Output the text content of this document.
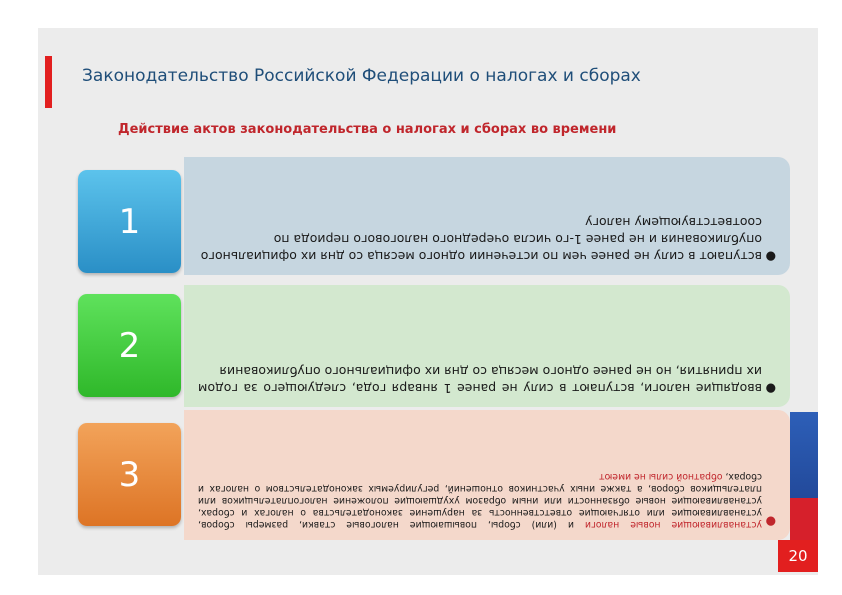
Законодательство Российской Федерации о налогах и сборах
Действие актов законодательства о налогах и сборах во времени
●
вступают в силу не ранее чем по истечении одного месяца со дня их официального опубликования и не ранее 1-го числа очередного налогового периода по соответствующему налогу
1
●
вводящие налоги, вступают в силу не ранее 1 января года, следующего за годом их принятия, но не ранее одного месяца со дня их официального опубликования
2
●
устанавливающие новые налоги и (или) сборы, повышающие налоговые ставки, размеры сборов, устанавливающие или отягчающие ответственность за нарушение законодательства о налогах и сборах, устанавливающие новые обязанности или иным образом ухудшающие положение налогоплательщиков или плательщиков сборов, а также иных участников отношений, регулируемых законодательством о налогах и сборах, обратной силы не имеют
3
20
